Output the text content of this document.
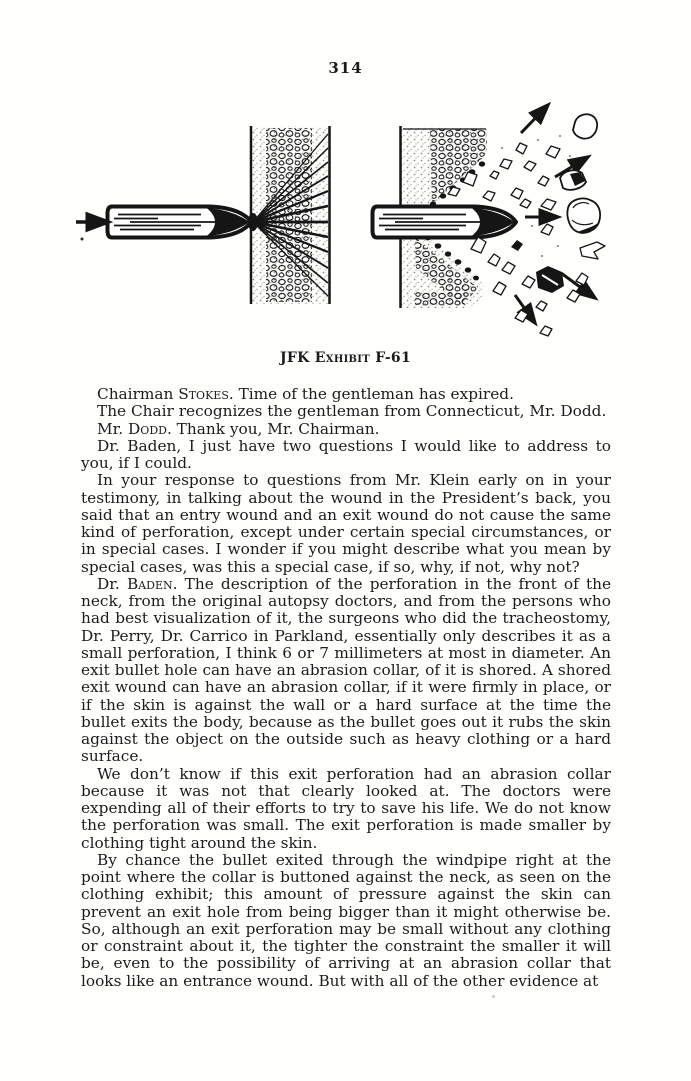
314
JFK Exhibit F-61

Chairman Stokes. Time of the gentleman has expired.

The Chair recognizes the gentleman from Connecticut, Mr. Dodd.

Mr. Dodd. Thank you, Mr. Chairman.

Dr. Baden, I just have two questions I would like to address to you, if I could.

In your response to questions from Mr. Klein early on in your testimony, in talking about the wound in the President’s back, you said that an entry wound and an exit wound do not cause the same kind of perforation, except under certain special circumstances, or in special cases. I wonder if you might describe what you mean by special cases, was this a special case, if so, why, if not, why not?

Dr. Baden. The description of the perforation in the front of the neck, from the original autopsy doctors, and from the persons who had best visualization of it, the surgeons who did the tracheostomy, Dr. Perry, Dr. Carrico in Parkland, essentially only describes it as a small perforation, I think 6 or 7 millimeters at most in diameter. An exit bullet hole can have an abrasion collar, of it is shored. A shored exit wound can have an abrasion collar, if it were firmly in place, or if the skin is against the wall or a hard surface at the time the bullet exits the body, because as the bullet goes out it rubs the skin against the object on the outside such as heavy clothing or a hard surface.

We don’t know if this exit perforation had an abrasion collar because it was not that clearly looked at. The doctors were expending all of their efforts to try to save his life. We do not know the perforation was small. The exit perforation is made smaller by clothing tight around the skin.

By chance the bullet exited through the windpipe right at the point where the collar is buttoned against the neck, as seen on the clothing exhibit; this amount of pressure against the skin can prevent an exit hole from being bigger than it might otherwise be. So, although an exit perforation may be small without any clothing or constraint about it, the tighter the constraint the smaller it will be, even to the possibility of arriving at an abrasion collar that looks like an entrance wound. But with all of the other evidence at
